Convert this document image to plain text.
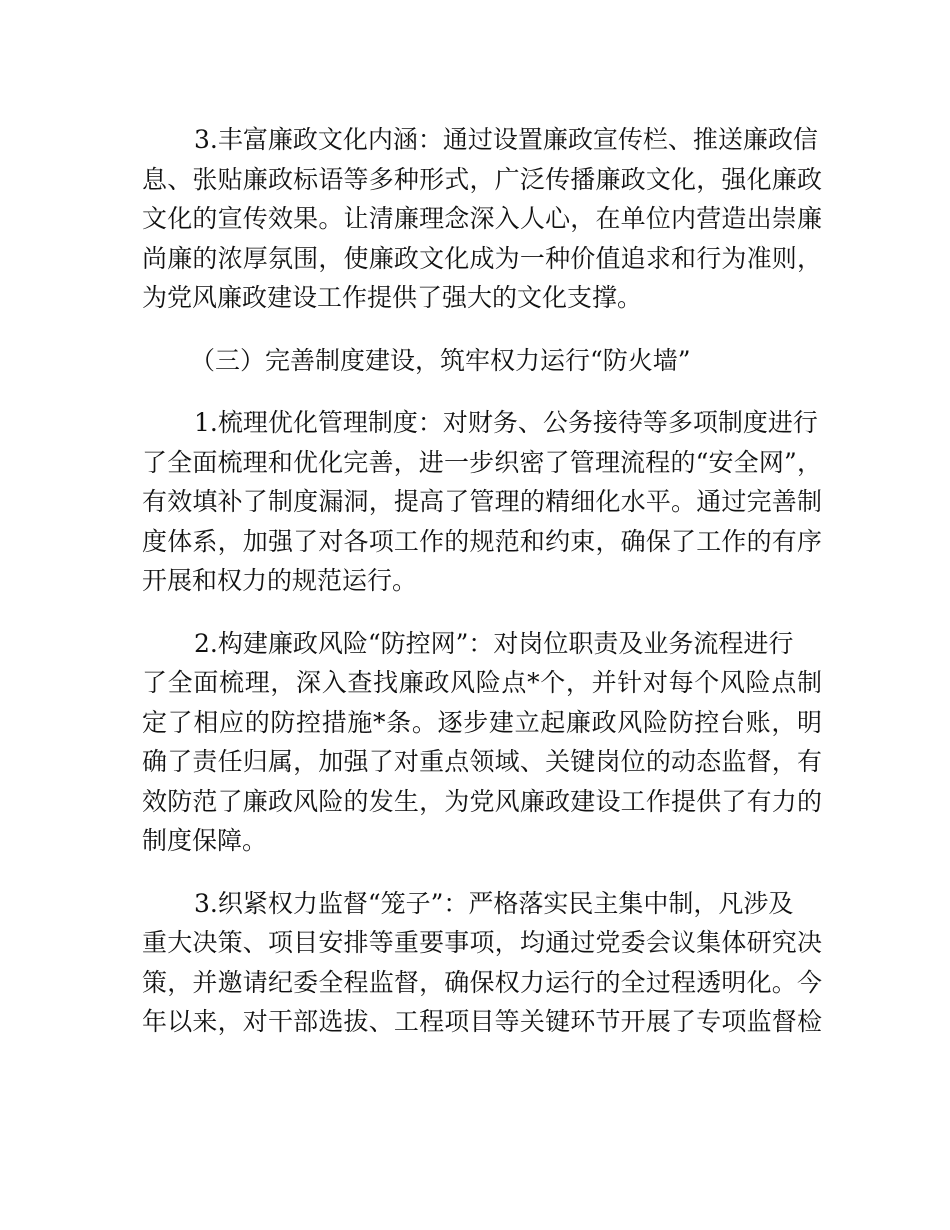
3.丰富廉政文化内涵：通过设置廉政宣传栏、推送廉政信
息、张贴廉政标语等多种形式，广泛传播廉政文化，强化廉政
文化的宣传效果。让清廉理念深入人心，在单位内营造出崇廉
尚廉的浓厚氛围，使廉政文化成为一种价值追求和行为准则，
为党风廉政建设工作提供了强大的文化支撑。
（三）完善制度建设，筑牢权力运行“防火墙”
1.梳理优化管理制度：对财务、公务接待等多项制度进行
了全面梳理和优化完善，进一步织密了管理流程的“安全网”，
有效填补了制度漏洞，提高了管理的精细化水平。通过完善制
度体系，加强了对各项工作的规范和约束，确保了工作的有序
开展和权力的规范运行。
2.构建廉政风险“防控网”：对岗位职责及业务流程进行
了全面梳理，深入查找廉政风险点*个，并针对每个风险点制
定了相应的防控措施*条。逐步建立起廉政风险防控台账，明
确了责任归属，加强了对重点领域、关键岗位的动态监督，有
效防范了廉政风险的发生，为党风廉政建设工作提供了有力的
制度保障。
3.织紧权力监督“笼子”：严格落实民主集中制，凡涉及
重大决策、项目安排等重要事项，均通过党委会议集体研究决
策，并邀请纪委全程监督，确保权力运行的全过程透明化。今
年以来，对干部选拔、工程项目等关键环节开展了专项监督检
